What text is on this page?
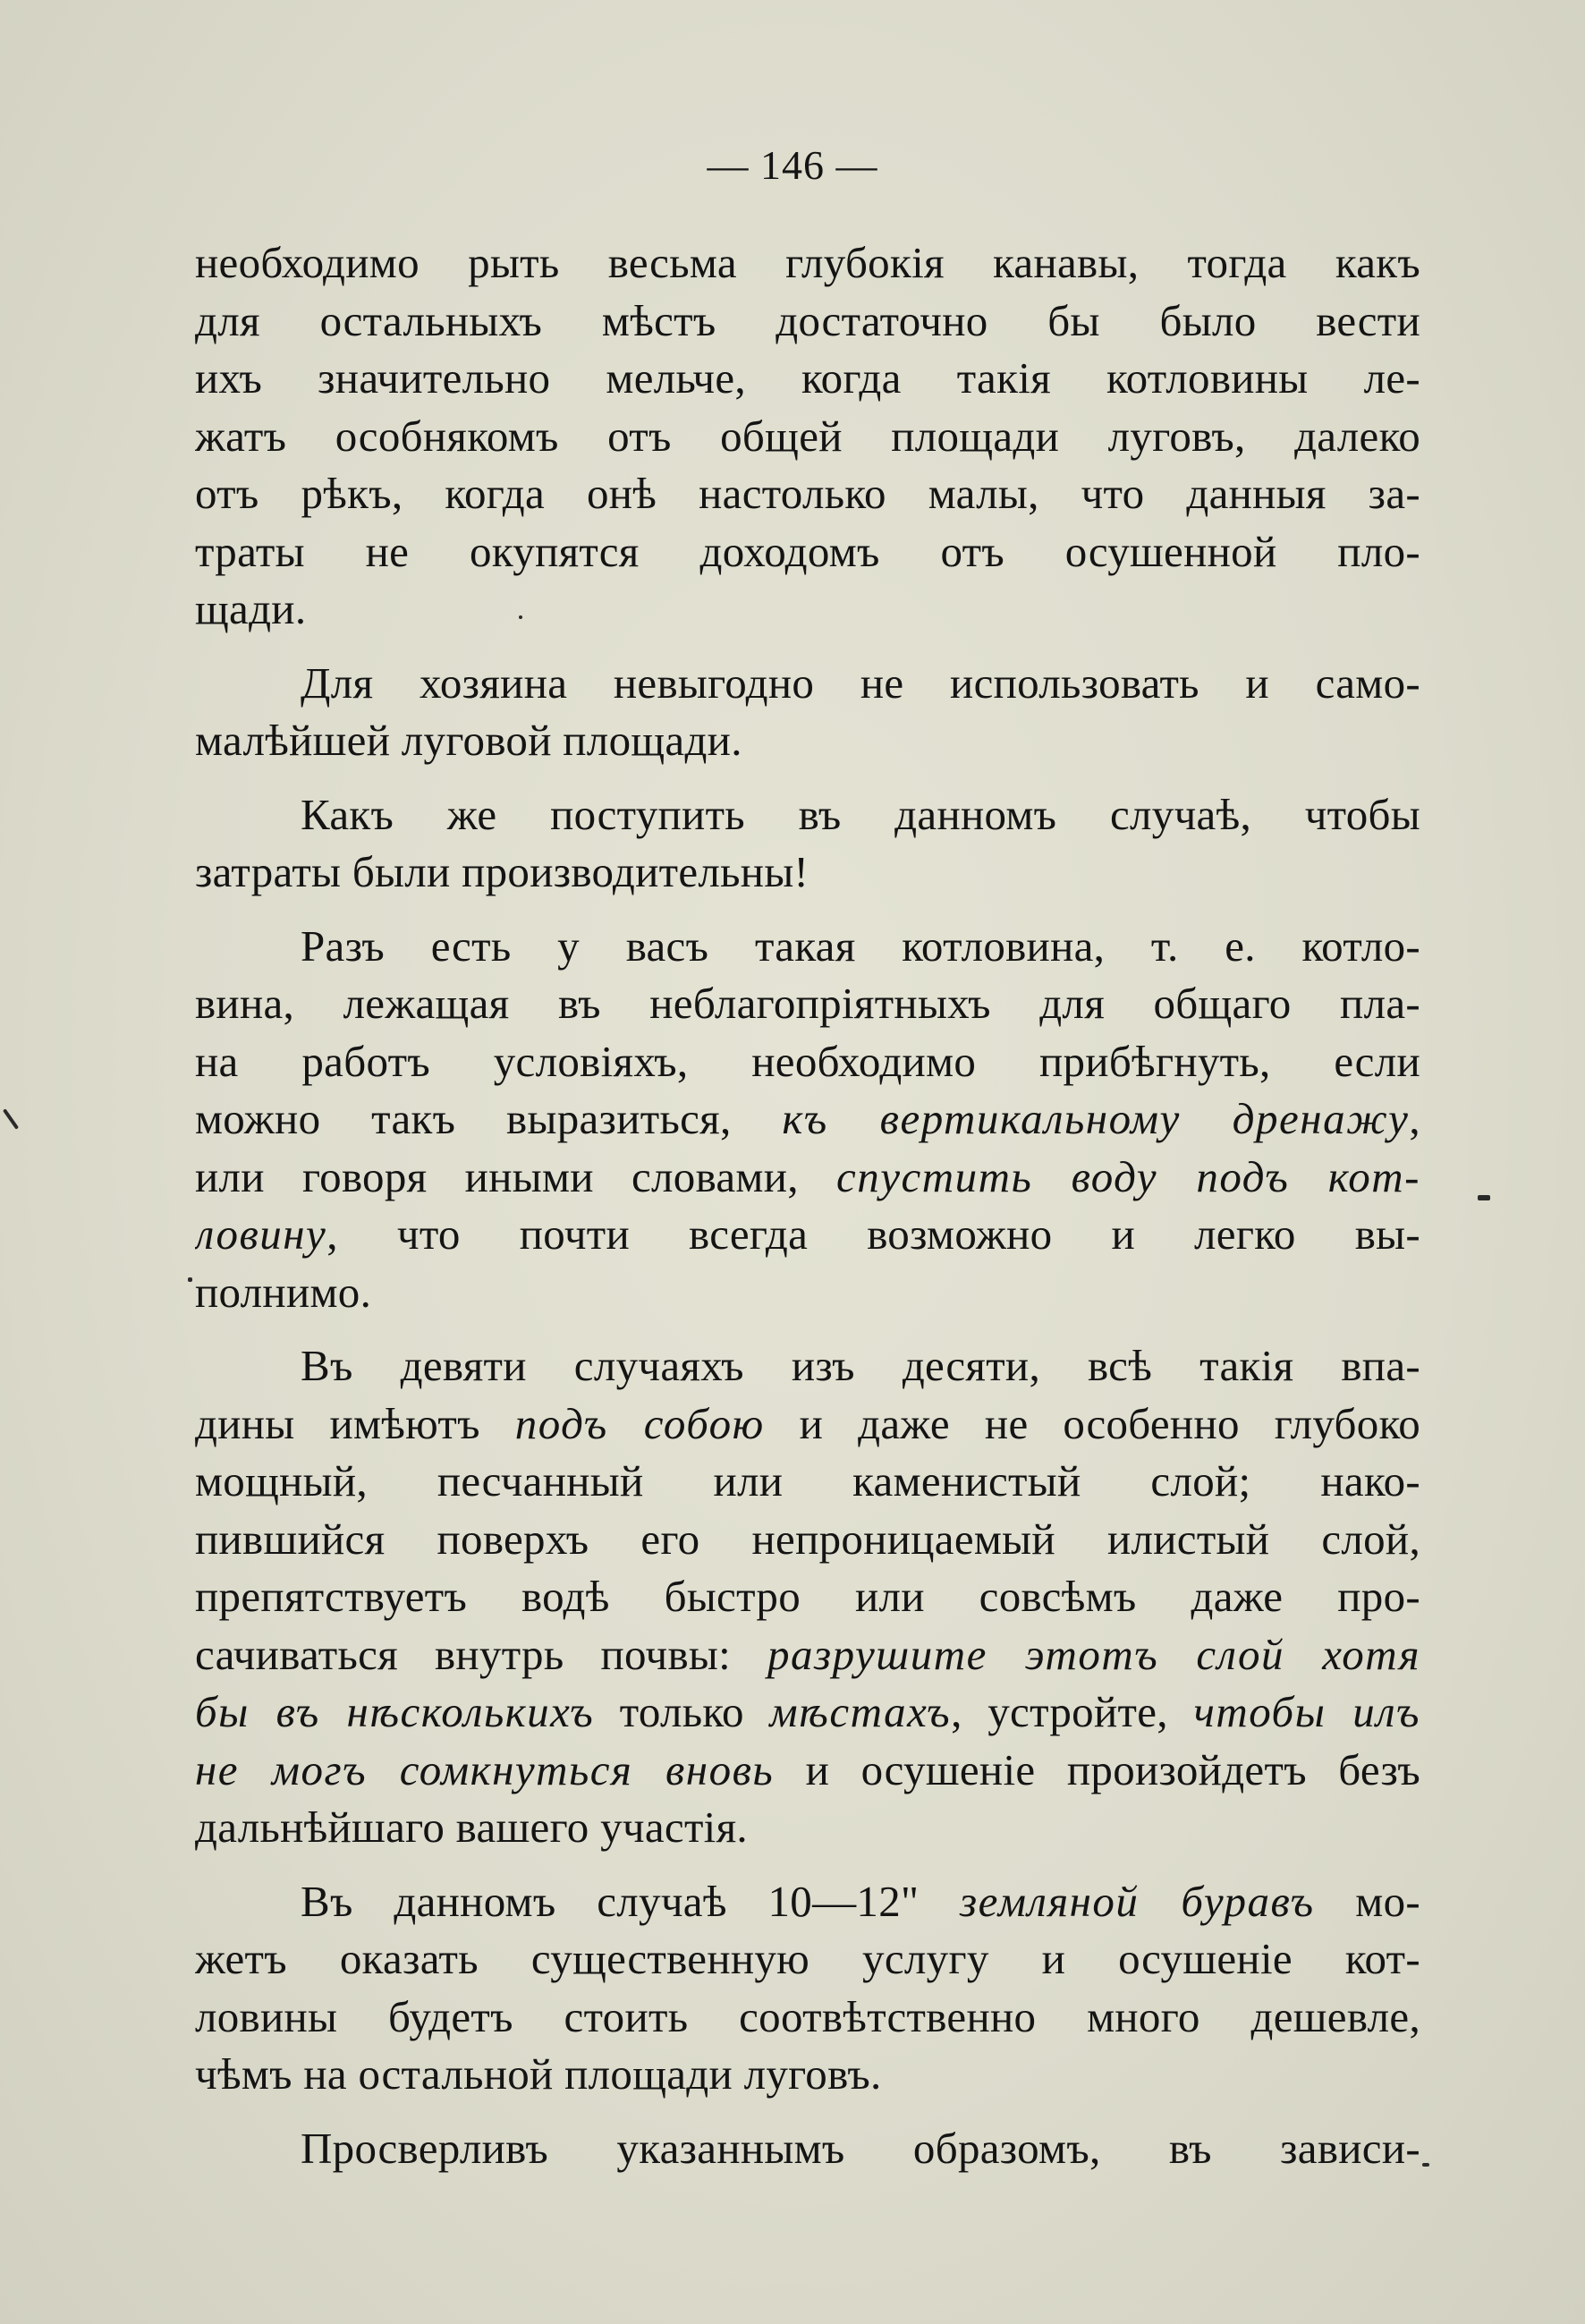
— 146 —
необходимо рыть весьма глубокія канавы, тогда какъ
для остальныхъ мѣстъ достаточно бы было вести
ихъ значительно мельче, когда такія котловины ле-
жатъ особнякомъ отъ общей площади луговъ, далеко
отъ рѣкъ, когда онѣ настолько малы, что данныя за-
траты не окупятся доходомъ отъ осушенной пло-
щади.
Для хозяина невыгодно не использовать и само-
малѣйшей луговой площади.
Какъ же поступить въ данномъ случаѣ, чтобы
затраты были производительны!
Разъ есть у васъ такая котловина, т. е. котло-
вина, лежащая въ неблагопріятныхъ для общаго пла-
на работъ условіяхъ, необходимо прибѣгнуть, если
можно такъ выразиться, къ вертикальному дренажу,
или говоря иными словами, спустить воду подъ кот-
ловину, что почти всегда возможно и легко вы-
полнимо.
Въ девяти случаяхъ изъ десяти, всѣ такія впа-
дины имѣютъ подъ собою и даже не особенно глубоко
мощный, песчанный или каменистый слой; нако-
пившийся поверхъ его непроницаемый илистый слой,
препятствуетъ водѣ быстро или совсѣмъ даже про-
сачиваться внутрь почвы: разрушите этотъ слой хотя
бы въ нѣсколькихъ только мѣстахъ, устройте, чтобы илъ
не могъ сомкнуться вновь и осушеніе произойдетъ безъ
дальнѣйшаго вашего участія.
Въ данномъ случаѣ 10—12" земляной буравъ мо-
жетъ оказать существенную услугу и осушеніе кот-
ловины будетъ стоить соотвѣтственно много дешевле,
чѣмъ на остальной площади луговъ.
Просверливъ указаннымъ образомъ, въ зависи-
